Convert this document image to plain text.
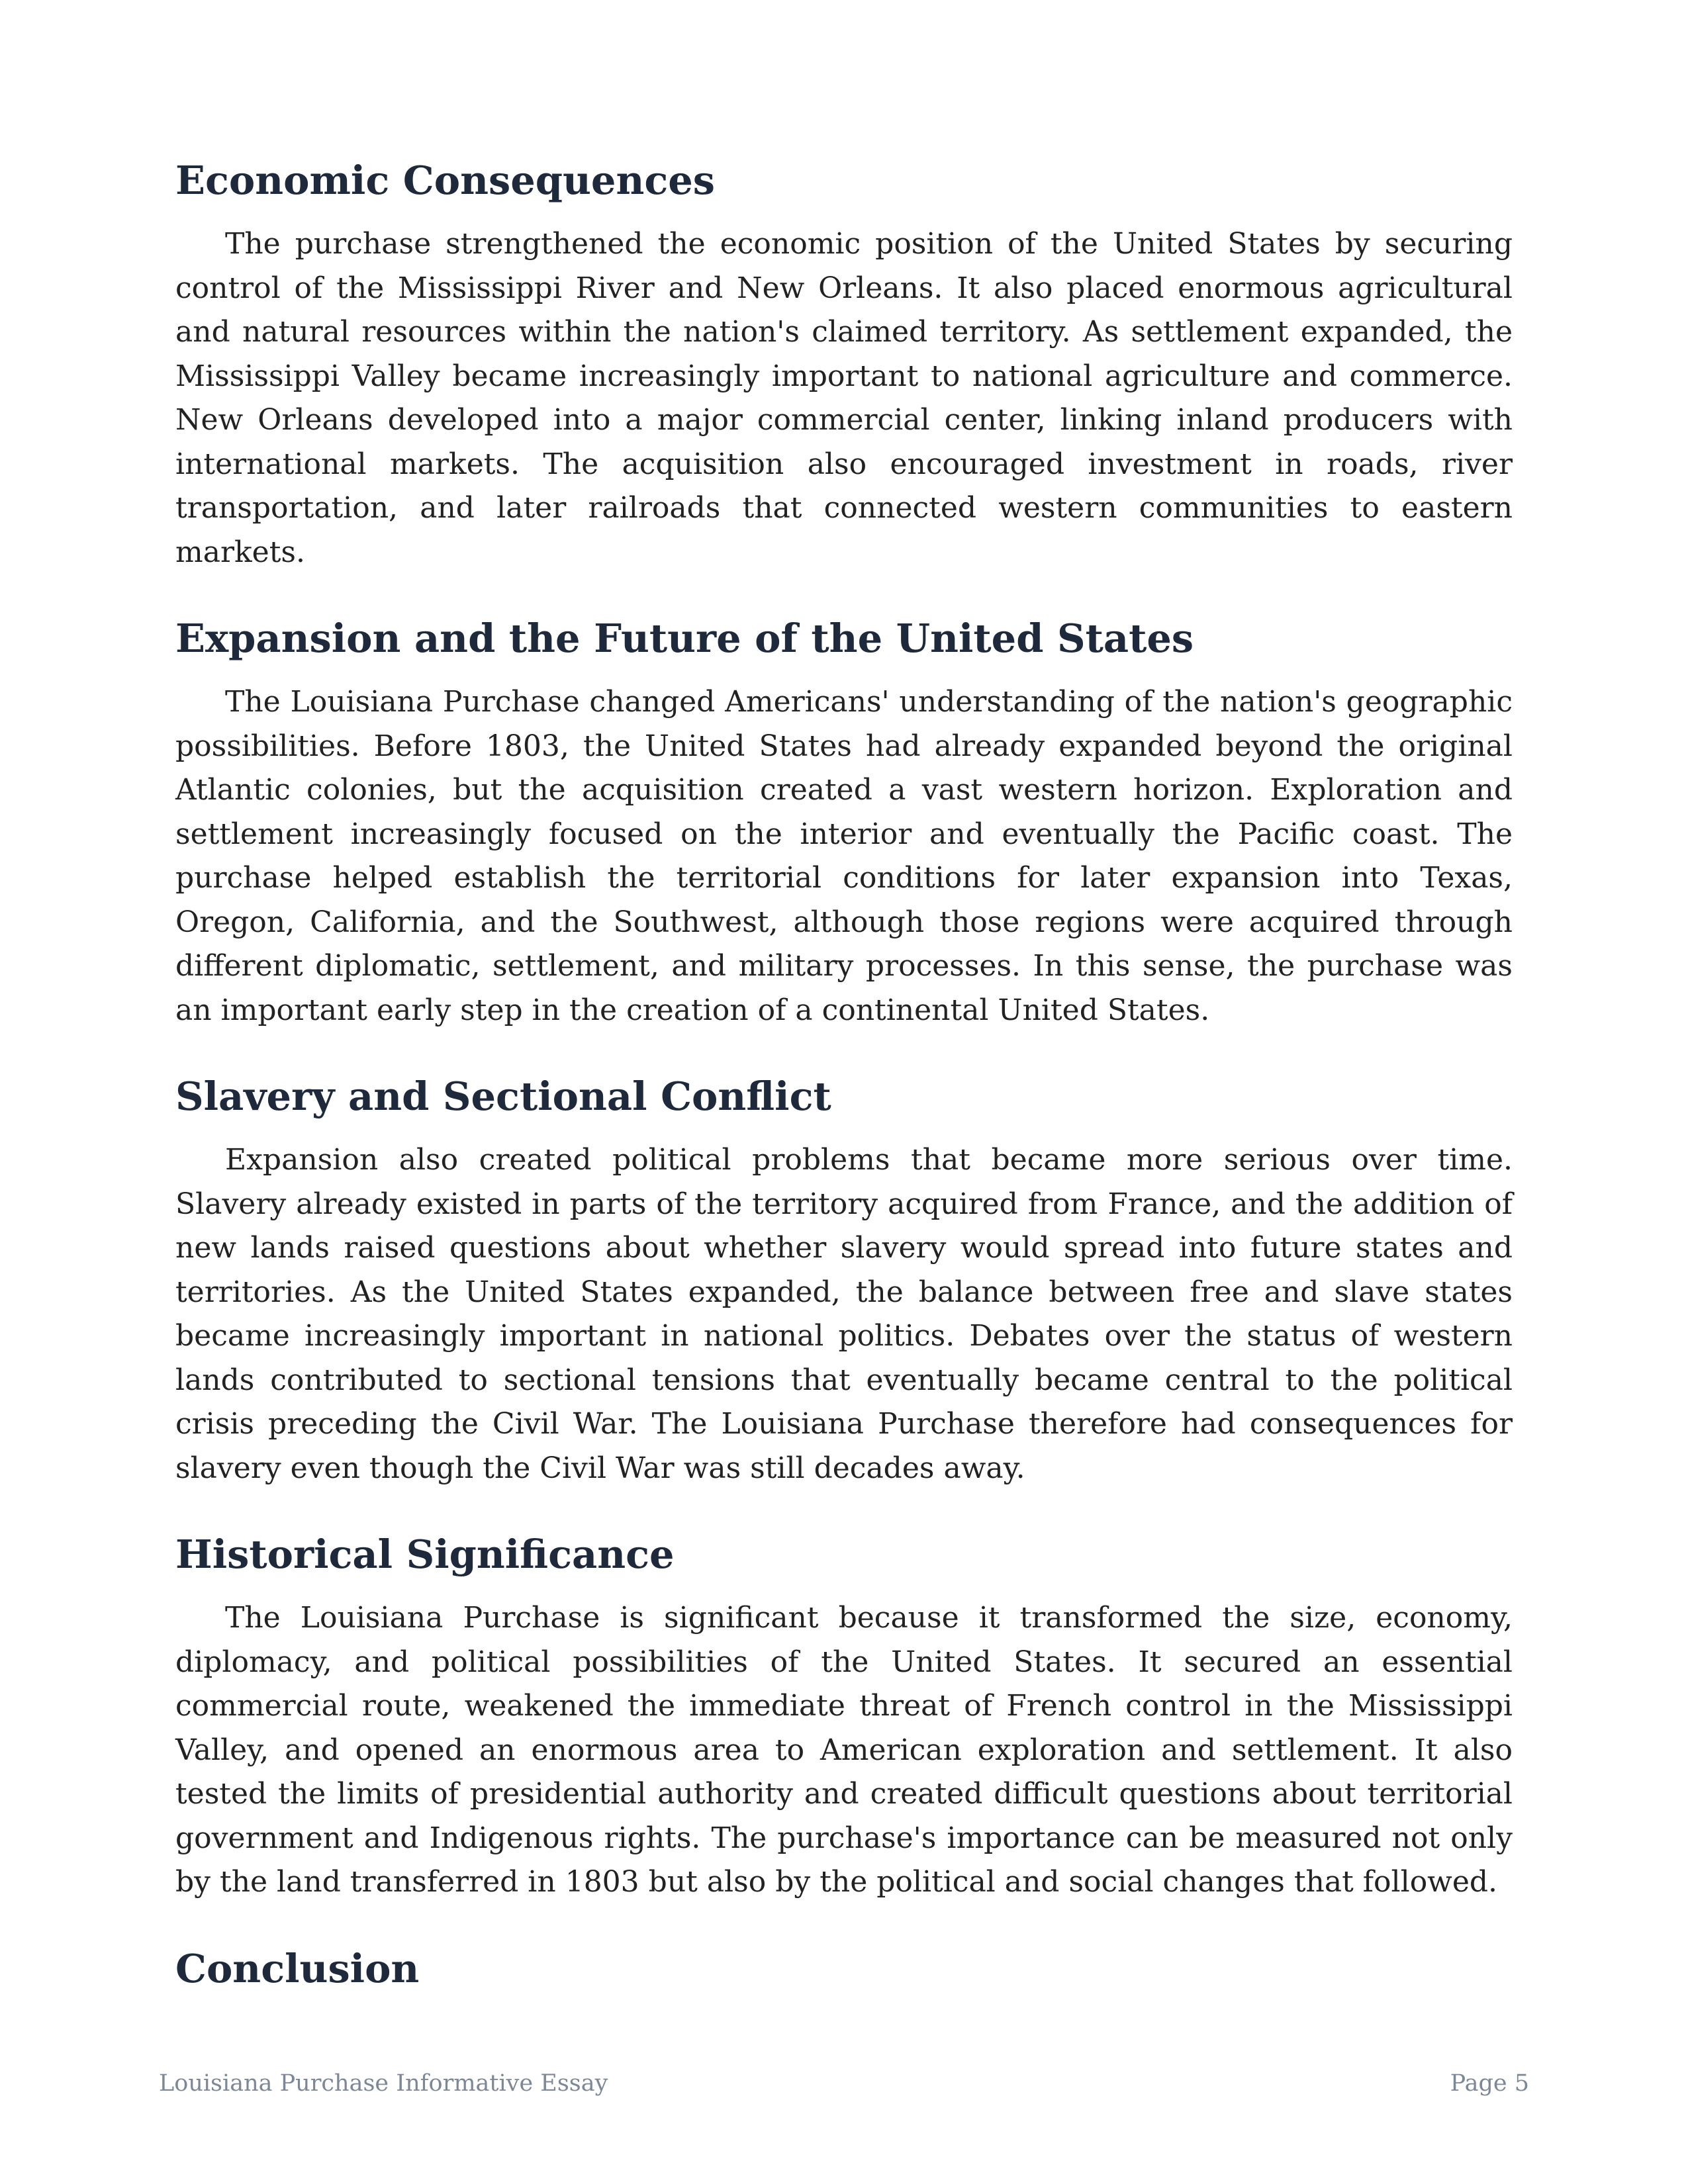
Economic Consequences

The purchase strengthened the economic position of the United States by securing control of the Mississippi River and New Orleans. It also placed enormous agricultural and natural resources within the nation's claimed territory. As settlement expanded, the Mississippi Valley became increasingly important to national agriculture and commerce. New Orleans developed into a major commercial center, linking inland producers with international markets. The acquisition also encouraged investment in roads, river transportation, and later railroads that connected western communities to eastern markets.

Expansion and the Future of the United States

The Louisiana Purchase changed Americans' understanding of the nation's geographic possibilities. Before 1803, the United States had already expanded beyond the original Atlantic colonies, but the acquisition created a vast western horizon. Exploration and settlement increasingly focused on the interior and eventually the Pacific coast. The purchase helped establish the territorial conditions for later expansion into Texas, Oregon, California, and the Southwest, although those regions were acquired through different diplomatic, settlement, and military processes. In this sense, the purchase was an important early step in the creation of a continental United States.

Slavery and Sectional Conflict

Expansion also created political problems that became more serious over time. Slavery already existed in parts of the territory acquired from France, and the addition of new lands raised questions about whether slavery would spread into future states and territories. As the United States expanded, the balance between free and slave states became increasingly important in national politics. Debates over the status of western lands contributed to sectional tensions that eventually became central to the political crisis preceding the Civil War. The Louisiana Purchase therefore had consequences for slavery even though the Civil War was still decades away.

Historical Significance

The Louisiana Purchase is significant because it transformed the size, economy, diplomacy, and political possibilities of the United States. It secured an essential commercial route, weakened the immediate threat of French control in the Mississippi Valley, and opened an enormous area to American exploration and settlement. It also tested the limits of presidential authority and created difficult questions about territorial government and Indigenous rights. The purchase's importance can be measured not only by the land transferred in 1803 but also by the political and social changes that followed.

Conclusion
Louisiana Purchase Informative Essay	Page 5
